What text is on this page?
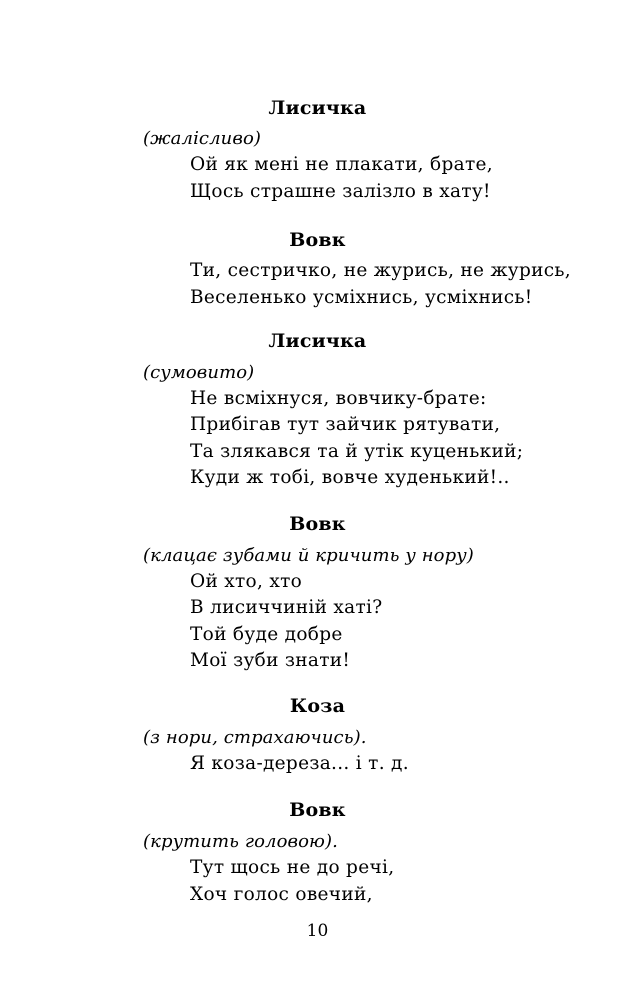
Лисичка
(жалісливо)
Ой як мені не плакати, брате,
Щось страшне залізло в хату!
Вовк
Ти, сестричко, не журись, не журись,
Веселенько усміхнись, усміхнись!
Лисичка
(сумовито)
Не всміхнуся, вовчику-брате:
Прибігав тут зайчик рятувати,
Та злякався та й утік куценький;
Куди ж тобі, вовче худенький!..
Вовк
(клацає зубами й кричить у нору)
Ой хто, хто
В лисиччиній хаті?
Той буде добре
Мої зуби знати!
Коза
(з нори, страхаючись).
Я коза-дереза... і т. д.
Вовк
(крутить головою).
Тут щось не до речі,
Хоч голос овечий,
10
